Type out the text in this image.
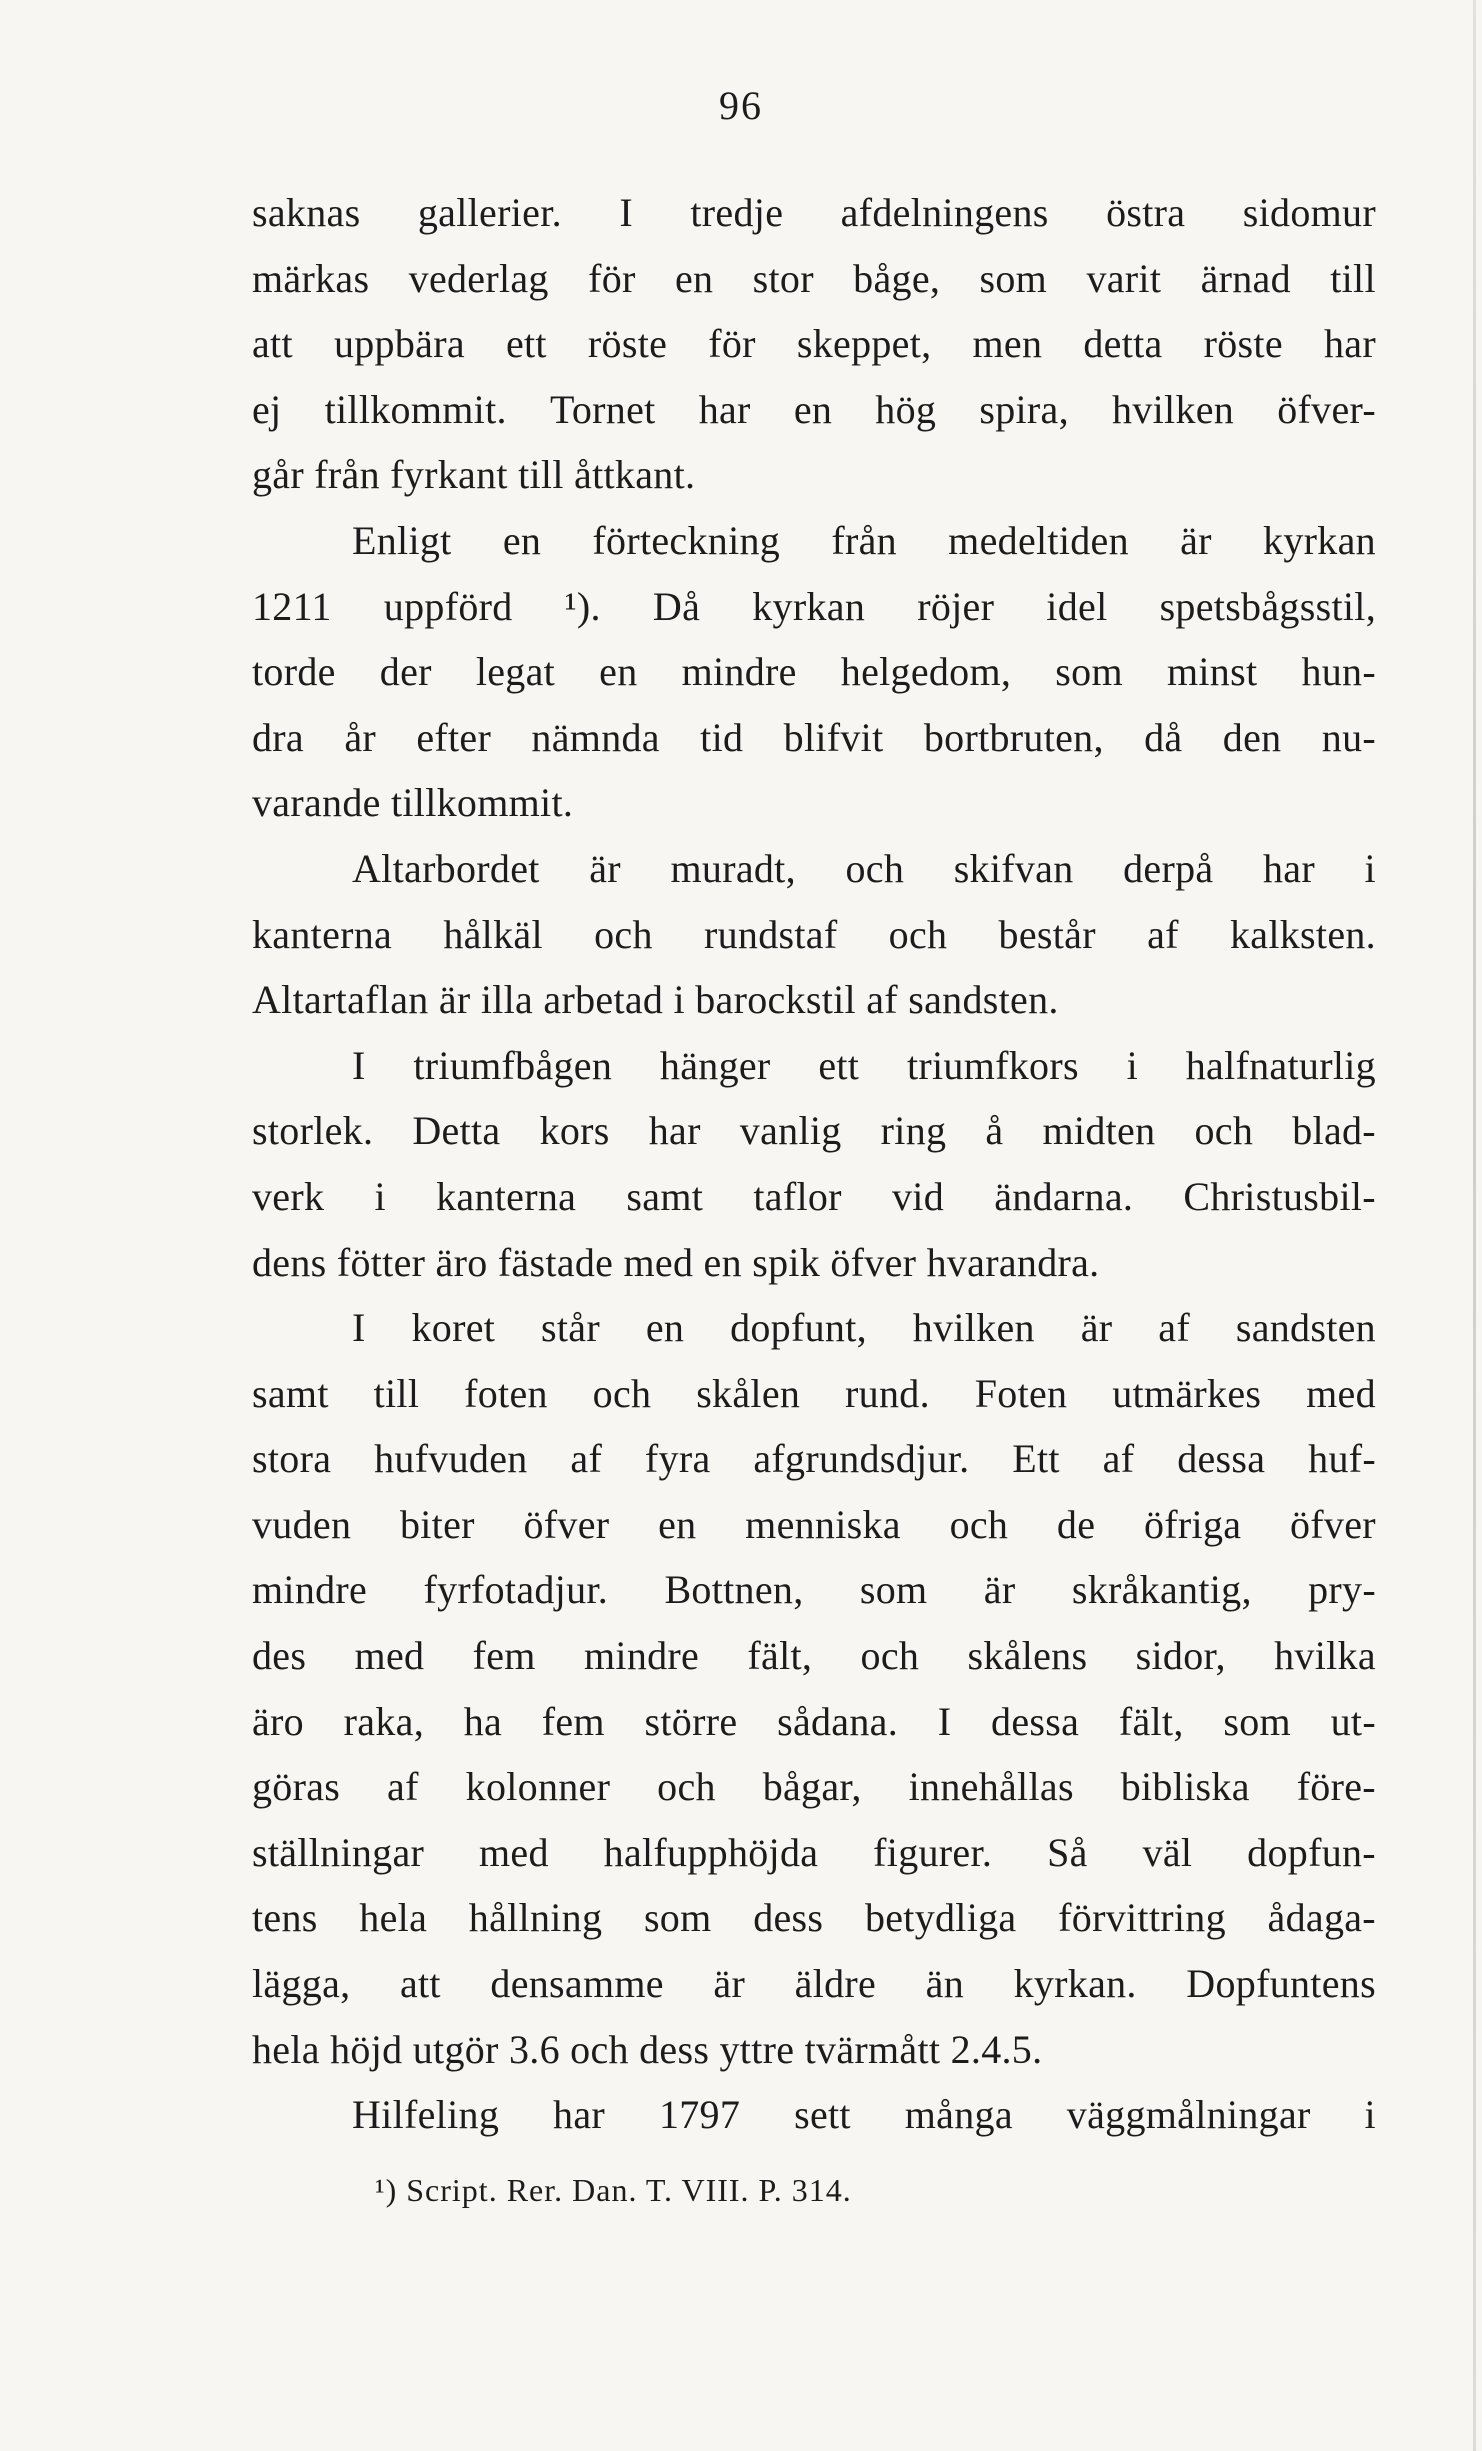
96
saknas gallerier. I tredje afdelningens östra sidomur
märkas vederlag för en stor båge, som varit ärnad till
att uppbära ett röste för skeppet, men detta röste har
ej tillkommit. Tornet har en hög spira, hvilken öfver-
går från fyrkant till åttkant.
Enligt en förteckning från medeltiden är kyrkan
1211 uppförd ¹). Då kyrkan röjer idel spetsbågsstil,
torde der legat en mindre helgedom, som minst hun-
dra år efter nämnda tid blifvit bortbruten, då den nu-
varande tillkommit.
Altarbordet är muradt, och skifvan derpå har i
kanterna hålkäl och rundstaf och består af kalksten.
Altartaflan är illa arbetad i barockstil af sandsten.
I triumfbågen hänger ett triumfkors i halfnaturlig
storlek. Detta kors har vanlig ring å midten och blad-
verk i kanterna samt taflor vid ändarna. Christusbil-
dens fötter äro fästade med en spik öfver hvarandra.
I koret står en dopfunt, hvilken är af sandsten
samt till foten och skålen rund. Foten utmärkes med
stora hufvuden af fyra afgrundsdjur. Ett af dessa huf-
vuden biter öfver en menniska och de öfriga öfver
mindre fyrfotadjur. Bottnen, som är skråkantig, pry-
des med fem mindre fält, och skålens sidor, hvilka
äro raka, ha fem större sådana. I dessa fält, som ut-
göras af kolonner och bågar, innehållas bibliska före-
ställningar med halfupphöjda figurer. Så väl dopfun-
tens hela hållning som dess betydliga förvittring ådaga-
lägga, att densamme är äldre än kyrkan. Dopfuntens
hela höjd utgör 3.6 och dess yttre tvärmått 2.4.5.
Hilfeling har 1797 sett många väggmålningar i
¹) Script. Rer. Dan. T. VIII. P. 314.
